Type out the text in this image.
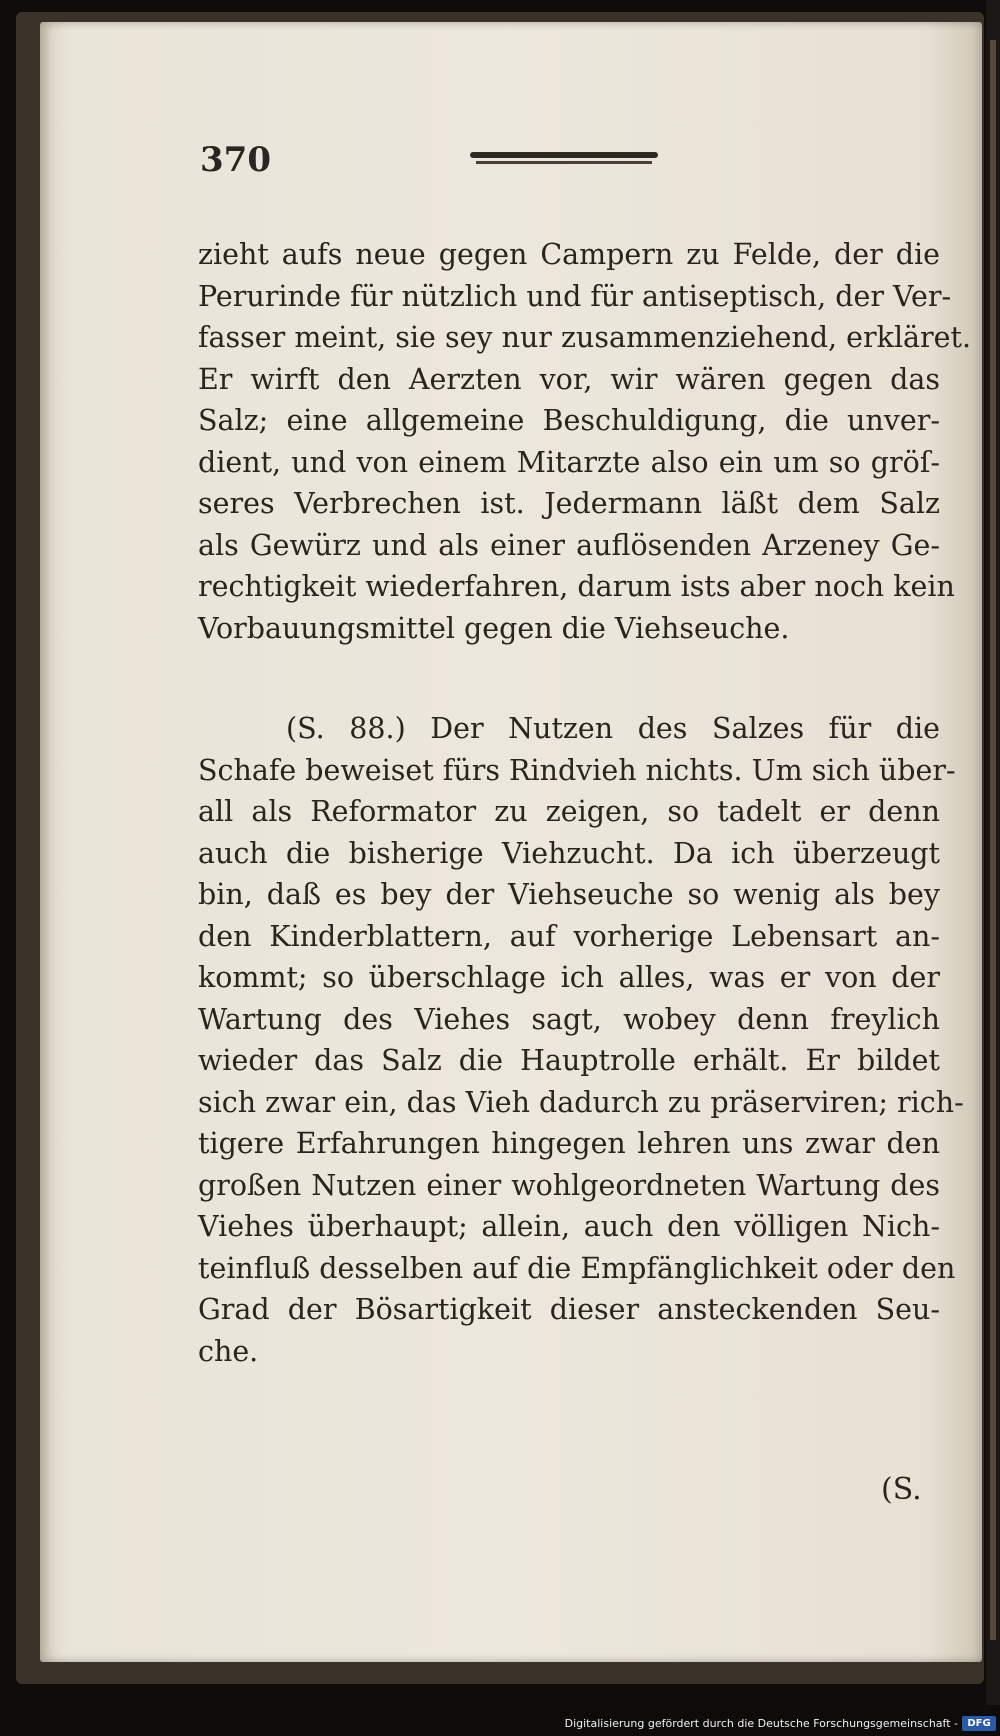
370
zieht aufs neue gegen Campern zu Felde, der die
Perurinde für nützlich und für antiseptisch, der Ver-
fasser meint, sie sey nur zusammenziehend, erkläret.
Er wirft den Aerzten vor, wir wären gegen das
Salz; eine allgemeine Beschuldigung, die unver-
dient, und von einem Mitarzte also ein um so gröſ-
seres Verbrechen ist. Jedermann läßt dem Salz
als Gewürz und als einer auflösenden Arzeney Ge-
rechtigkeit wiederfahren, darum ists aber noch kein
Vorbauungsmittel gegen die Viehseuche.
(S. 88.) Der Nutzen des Salzes für die
Schafe beweiset fürs Rindvieh nichts. Um sich über-
all als Reformator zu zeigen, so tadelt er denn
auch die bisherige Viehzucht. Da ich überzeugt
bin, daß es bey der Viehseuche so wenig als bey
den Kinderblattern, auf vorherige Lebensart an-
kommt; so überschlage ich alles, was er von der
Wartung des Viehes sagt, wobey denn freylich
wieder das Salz die Hauptrolle erhält. Er bildet
sich zwar ein, das Vieh dadurch zu präserviren; rich-
tigere Erfahrungen hingegen lehren uns zwar den
großen Nutzen einer wohlgeordneten Wartung des
Viehes überhaupt; allein, auch den völligen Nich-
teinfluß desselben auf die Empfänglichkeit oder den
Grad der Bösartigkeit dieser ansteckenden Seu-
che.
(S.
Digitalisierung gefördert durch die Deutsche Forschungsgemeinschaft - DFG
